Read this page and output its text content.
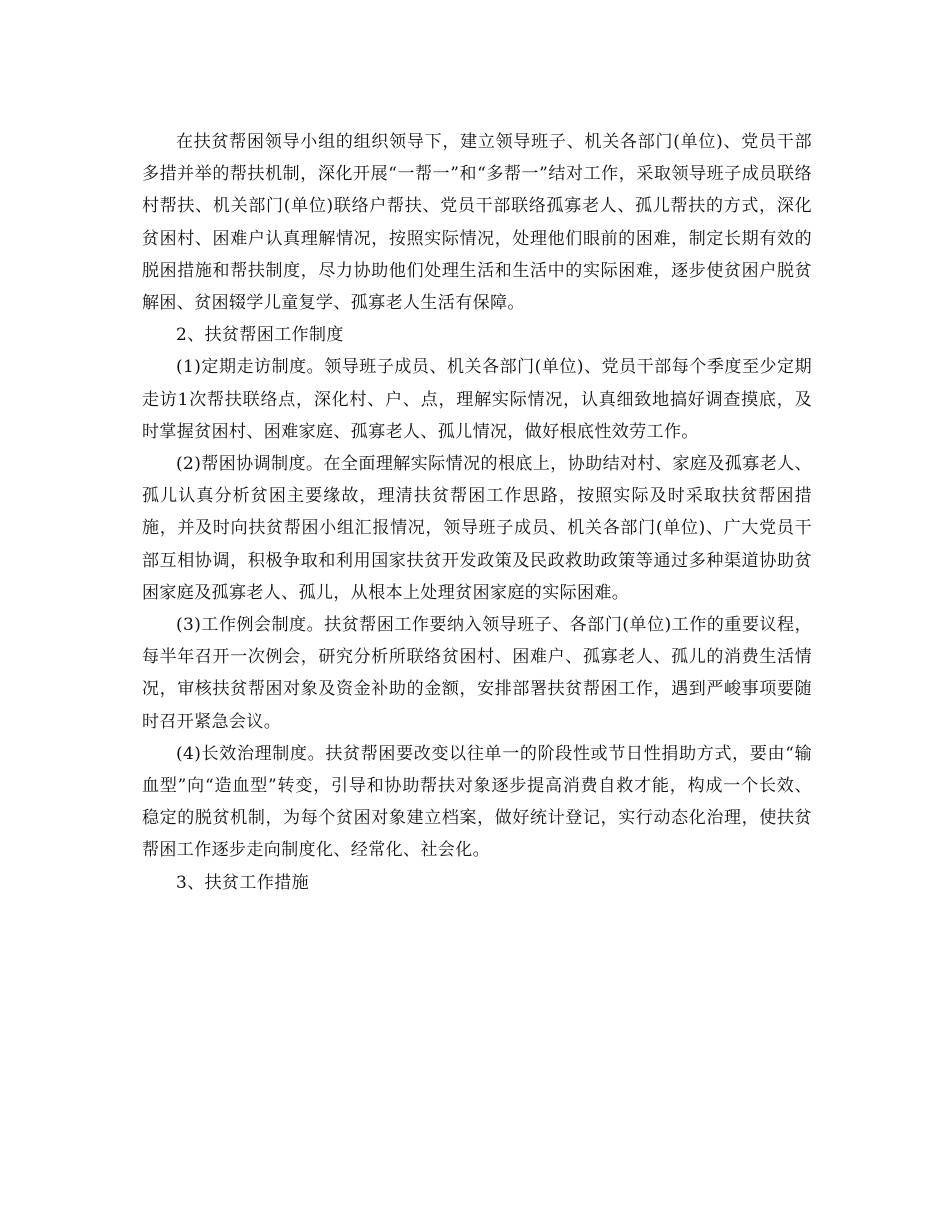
在扶贫帮困领导小组的组织领导下，建立领导班子、机关各部门(单位)、党员干部多措并举的帮扶机制，深化开展“一帮一”和“多帮一”结对工作，采取领导班子成员联络村帮扶、机关部门(单位)联络户帮扶、党员干部联络孤寡老人、孤儿帮扶的方式，深化贫困村、困难户认真理解情况，按照实际情况，处理他们眼前的困难，制定长期有效的脱困措施和帮扶制度，尽力协助他们处理生活和生活中的实际困难，逐步使贫困户脱贫解困、贫困辍学儿童复学、孤寡老人生活有保障。

2、扶贫帮困工作制度

(1)定期走访制度。领导班子成员、机关各部门(单位)、党员干部每个季度至少定期走访1次帮扶联络点，深化村、户、点，理解实际情况，认真细致地搞好调查摸底，及时掌握贫困村、困难家庭、孤寡老人、孤儿情况，做好根底性效劳工作。

(2)帮困协调制度。在全面理解实际情况的根底上，协助结对村、家庭及孤寡老人、孤儿认真分析贫困主要缘故，理清扶贫帮困工作思路，按照实际及时采取扶贫帮困措施，并及时向扶贫帮困小组汇报情况，领导班子成员、机关各部门(单位)、广大党员干部互相协调，积极争取和利用国家扶贫开发政策及民政救助政策等通过多种渠道协助贫困家庭及孤寡老人、孤儿，从根本上处理贫困家庭的实际困难。

(3)工作例会制度。扶贫帮困工作要纳入领导班子、各部门(单位)工作的重要议程，每半年召开一次例会，研究分析所联络贫困村、困难户、孤寡老人、孤儿的消费生活情况，审核扶贫帮困对象及资金补助的金额，安排部署扶贫帮困工作，遇到严峻事项要随时召开紧急会议。

(4)长效治理制度。扶贫帮困要改变以往单一的阶段性或节日性捐助方式，要由“输血型”向“造血型”转变，引导和协助帮扶对象逐步提高消费自救才能，构成一个长效、稳定的脱贫机制，为每个贫困对象建立档案，做好统计登记，实行动态化治理，使扶贫帮困工作逐步走向制度化、经常化、社会化。

3、扶贫工作措施
